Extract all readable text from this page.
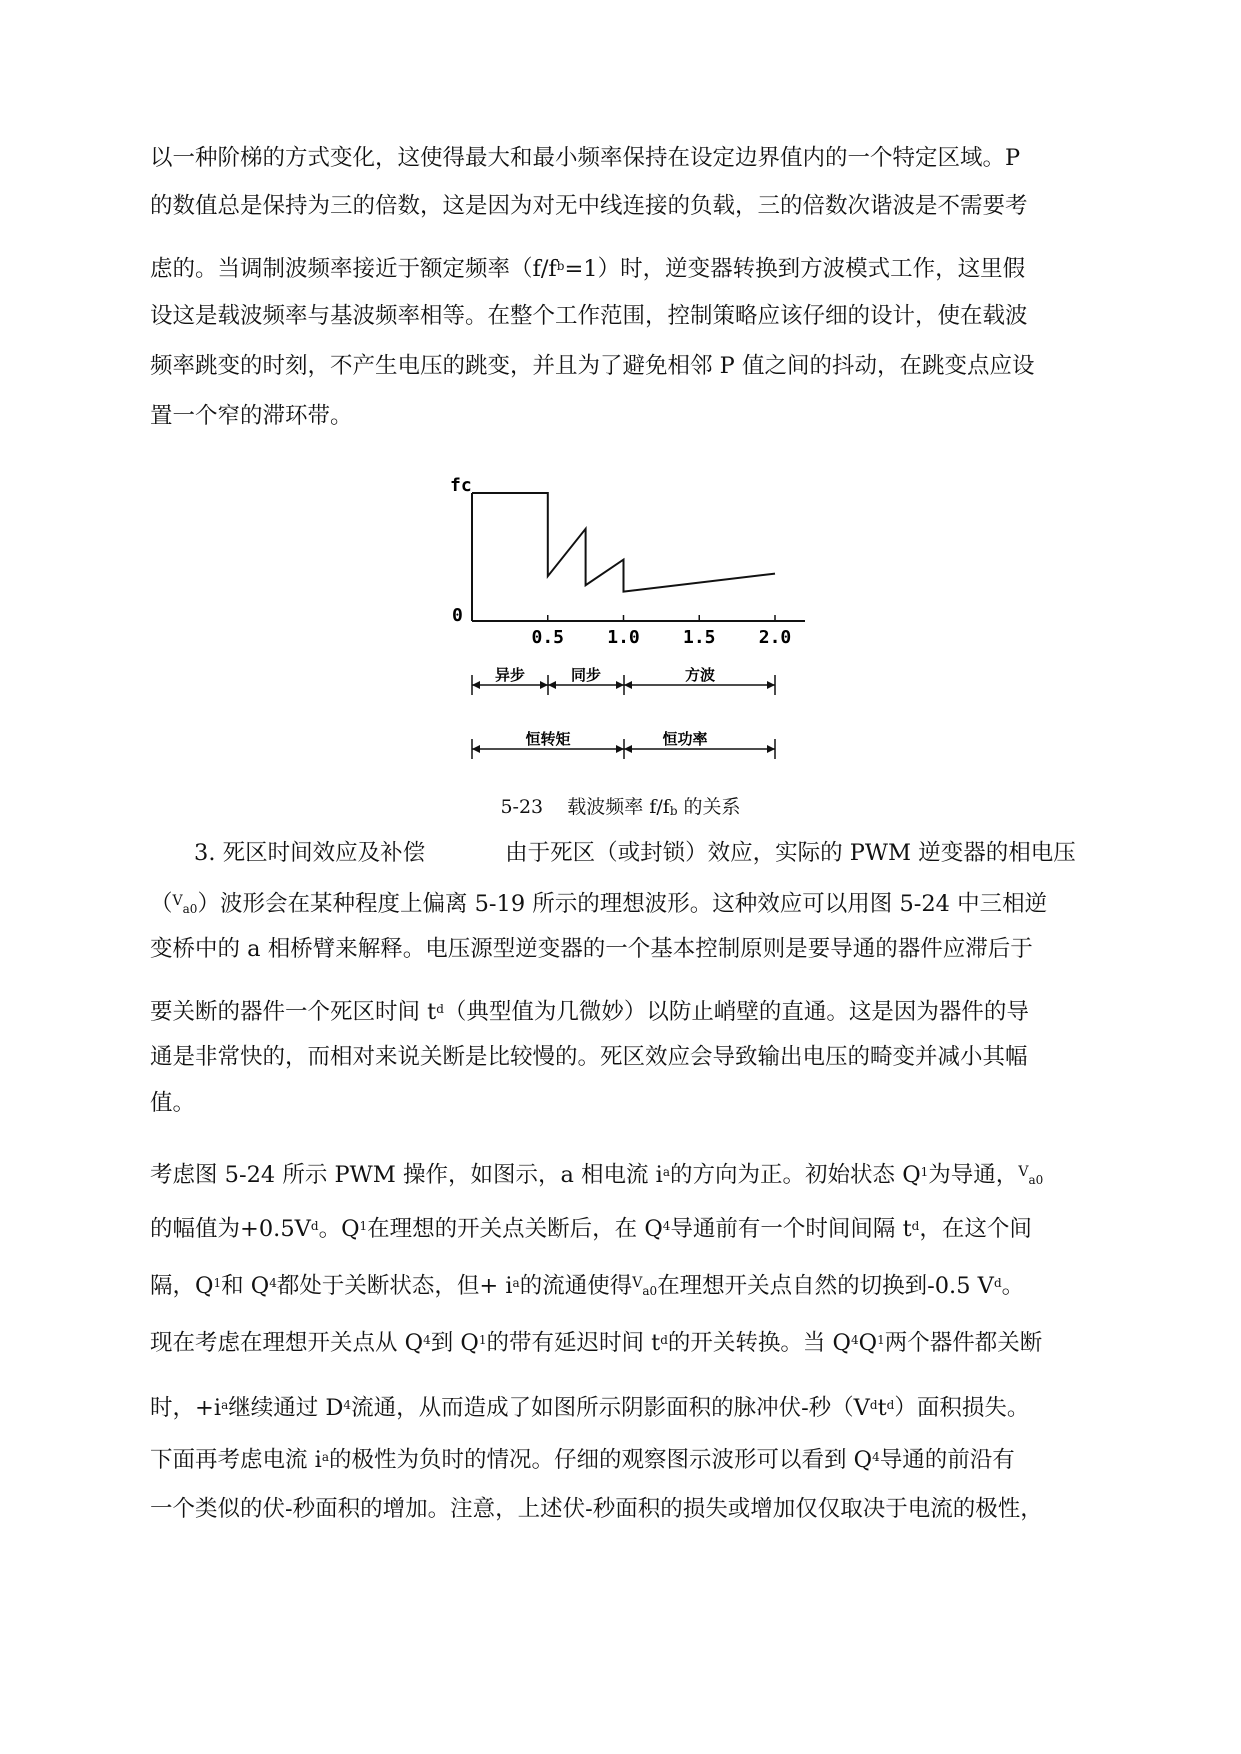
以一种阶梯的方式变化，这使得最大和最小频率保持在设定边界值内的一个特定区域。P
的数值总是保持为三的倍数，这是因为对无中线连接的负载，三的倍数次谐波是不需要考
虑的。当调制波频率接近于额定频率$(f/f^b=1)$时，逆变器转换到方波模式工作，这里假
设这是载波频率与基波频率相等。在整个工作范围，控制策略应该仔细的设计，使在载波
频率跳变的时刻，不产生电压的跳变，并且为了避免相邻 P 值之间的抖动，在跳变点应设
置一个窄的滞环带。
fc
0
0.5 1.0 1.5 2.0
异步	同步	方波
恒转矩	恒功率
5-23 载波频率 f/fb 的关系
3. 死区时间效应及补偿	由于死区（或封锁）效应，实际的 PWM 逆变器的相电压
（$^V$a0）波形会在某种程度上偏离 5-19 所示的理想波形。这种效应可以用图 5-24 中三相逆
变桥中的 a 相桥臂来解释。电压源型逆变器的一个基本控制原则是要导通的器件应滞后于
要关断的器件一个死区时间 $t^d$（典型值为几微妙）以防止峭壁的直通。这是因为器件的导
通是非常快的，而相对来说关断是比较慢的。死区效应会导致输出电压的畸变并减小其幅
值。
考虑图 5-24 所示 PWM 操作，如图示，a 相电流 $i^a$的方向为正。初始状态 $Q^1$为导通，$^V$a0
的幅值为$+0.5V^d$。$Q^1$在理想的开关点关断后，在 $Q^4$导通前有一个时间间隔 $t^d$，在这个间
隔，$Q^1$和 $Q^4$都处于关断状态，但+ $i^a$的流通使得$^V$a0在理想开关点自然的切换到-0.5 $V^d$。
现在考虑在理想开关点从 $Q^4$到 $Q^1$的带有延迟时间 $t^d$的开关转换。当 $Q^4Q^1$两个器件都关断
时，$+i^a$继续通过 $D^4$流通，从而造成了如图所示阴影面积的脉冲伏-秒$(V^dt^d)$面积损失。
下面再考虑电流 $i^a$的极性为负时的情况。仔细的观察图示波形可以看到 $Q^4$导通的前沿有
一个类似的伏-秒面积的增加。注意，上述伏-秒面积的损失或增加仅仅取决于电流的极性，
